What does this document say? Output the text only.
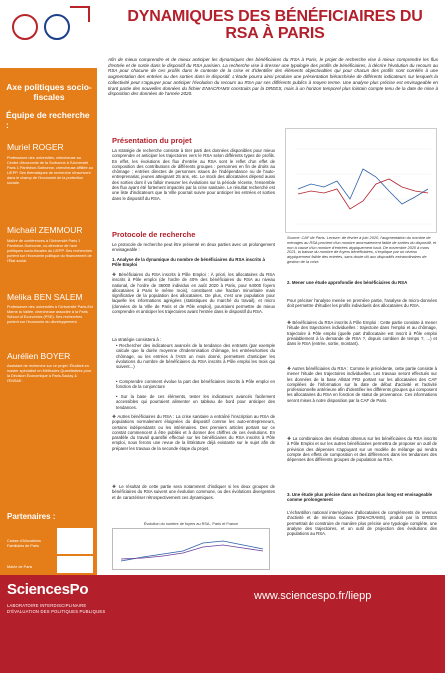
Axe politiques socio-fiscales
Équipe de recherche :
Muriel ROGER
Professeure des universités, chercheuse au Centre d'économie de la Sorbonne à l'Université Paris 1 Panthéon-Sorbonne, chercheuse affiliée au LIEPP. Ses thématiques de recherche s'inscrivent dans le champ de l'économie de la protection sociale.
Michaël ZEMMOUR
Maître de conférences à l'Université Paris 1 Panthéon-Sorbonne, co-directeur de l'axe politiques socio-fiscales du LIEPP. Ses recherches portent sur l'économie politique du financement de l'État social.
Melika BEN SALEM
Professeure des universités à l'Université Paris-Est Marne la Vallée, chercheuse associée à la Paris School of Economics (PSE). Ses recherches portent sur l'économie du développement.
Aurélien BOYER
Assistant de recherche sur ce projet. Étudiant en master spécialisé en Méthodes Quantitatives pour la Décision Économique à Paris-Saclay & l'ENSAE.
Partenaires :
Caisse d'Allocations Familiales de Paris
Mairie de Paris
DYNAMIQUES DES BÉNÉFICIAIRES DU RSA À PARIS
Afin de mieux comprendre et de mieux anticiper les dynamiques des bénéficiaires du RSA à Paris, le projet de recherche vise à mieux comprendre les flux d'entrée et de sortie dans le dispositif du RSA parisien. La recherche vise à dresser une typologie des profils de bénéficiaires, à décrire l'évolution du recours au RSA pour chacune de ces profils dans le contexte de la crise et d'identifier des éléments objectivables qui pour chacun des profils sont corrélés à une augmentation des entrées ou des sorties dans le dispositif. L'étude pourra ainsi produire une présentation hiérarchisée de différents indicateurs sur lesquels la collectivité peut s'appuyer pour anticiper l'évolution du recours au RSA par ses différents publics à moyen terme. Une analyse plus précise est envisageable en tirant partie des nouvelles données du fichier ENIACRAMS construits par la DREES, mais à un horizon temporel plus lointain compte tenu de la date de mise à disposition des données de l'année 2020.
Présentation du projet
La stratégie de recherche consiste à tirer parti des données disponibles pour mieux comprendre et anticiper les trajectoires vers le RSA selon différents types de profils. En effet, les évolutions des flux d'entrée au RSA sont le reflet d'un effet de composition des contributions de différents groupes : personnes en fin de droits au chômage ; entrées directes de personnes issues de l'indépendance ou de l'auto-entreprenariat, jeunes atteignant 25 ans, etc. Le stock des allocataires dépend aussi des sorties dont il va falloir mesurer les évolutions sur la période récente, l'ensemble des flux ayant été fortement impactés par la crise sanitaire. Le résultat recherché est une liste d'indicateurs que la Ville pourrait suivre pour anticiper les entrées et sorties dans le dispositif du RSA.
Protocole de recherche
Le protocole de recherche peut être présenté en deux parties avec un prolongement envisageable :
1. Analyse de la dynamique du nombre de bénéficiaires du RSA inscrits à Pôle Emploi
❖ Bénéficiaires du RSA inscrits à Pôle Emploi : À priori, les allocataires du RSA inscrits à Pôle emploi (de l'ordre de 40% des bénéficiaires du RSA au niveau national, de l'ordre de 36000 individus en août 2020 à Paris, pour 64000 foyers allocataires à Paris le même mois), constituent une fraction minoritaire mais significative de la population des allocataires. De plus, c'est une population pour laquelle les informations agrégées (statistiques du marché du travail), et micro (données de la Ville de Paris et de Pôle emploi), pourraient permettre de mieux comprendre et anticiper les trajectoires avant l'entrée dans le dispositif du RSA.
La stratégie consistera à :
• Rechercher des indicateurs avancés de la tendance des entrants (par exemple calcule que la durée moyenne d'indemnisation chômage, les entrées/sorties du chômage, ou les entrées à l'ASS un mois donné, permettent d'anticiper les évolutions du nombre de bénéficiaires du RSA inscrits à Pôle emploi les mois qui suivent...)
• Comprendre comment évolue la part des bénéficiaires inscrits à Pôle emploi en fonction de la conjoncture
• Sur la base de ces éléments, tester les indicateurs avancés facilement accessibles qui pourraient alimenter un tableau de bord pour anticiper des tendances.
❖ Autres bénéficiaires du RSA : La crise sanitaire a entraîné l'inscription au RSA de populations normalement éloignées du dispositif comme les auto-entrepreneurs, certains indépendants ou les intérimaires. Des premiers articles portant sur ce constat commencent à être publiés et à donner des chiffres de ces évolutions. En parallèle du travail quantifié effectué sur les bénéficiaires du RSA inscrits à Pôle emploi, nous ferons une revue de la littérature déjà existante sur le sujet afin de préparer les travaux de la seconde étape du projet.
❖ Le résultat de cette partie sera notamment d'indiquer si les deux groupes de bénéficiaires du RSA suivent une évolution commune, ou des évolutions divergentes et de caractériser rétrospectivement ces dynamiques.
Évolution du nombre de foyers au RSA , Paris et France
Source: CAF de Paris. Lecture: de février à juin 2020, l'augmentation du nombre de ménages au RSA provient d'un nombre anormalement faible de sorties du dispositif, et non à cause d'un nombre d'entrées atypiquement haut. De novembre 2020 à mars 2021, la baisse du nombre de foyers bénéficiaires, s'explique par un niveau atypiquement faible des entrées, sans doute dû aux dispositifs extraordinaires de gestion de la crise.
2. Mener une étude approfondie des bénéficiaires du RSA
Pour préciser l'analyse menée en première partie, l'analyse de micro-données doit permettre d'étudier les profils individuels des allocataires du RSA.
❖ Bénéficiaires du RSA inscrits à Pôle Emploi : Cette partie consiste à mener l'étude des trajectoires individuelles : trajectoire dans l'emploi et au chômage, trajectoire à Pôle emploi (quelle part d'allocataire est inscrit à Pôle emploi préalablement à la demande de RSA ?, depuis combien de temps ?, ...) et dans le RSA (entrée, sortie, montant).
❖ Autres bénéficiaires du RSA : Comme le précédente, cette partie consiste à mener l'étude des trajectoires individuelles. Les travaux seront effectués sur les données de la base Allstat FR2 portant sur les allocataires des CAF compilées de l'information sur la date de début d'activité et l'activité professionnelle antérieure afin d'identifier les différents groupes qui composent les allocataires du RSA en fonction de statut de provenance. Ces informations seront mises à notre disposition par la CAF de Paris.
❖ La combinaison des résultats obtenus sur les bénéficiaires du RSA inscrits à Pôle Emploi et sur les autres bénéficiaires permettra de proposer un outil de prévision des dépenses s'appuyant sur un modèle de mélange qui rendra compte des effets de composition et des différences dans les tendances des dépenses des différents groupes de population au RSA.
3. Une étude plus précise dans un horizon plus long est envisageable comme prolongement
L'échantillon national interrégimes d'allocataires de compléments de revenus d'activité et de minima sociaux (ENIACRAMS), produit par la DREES permettrait de construire de manière plus précise une typologie complète, une analyse des trajectoires, et un outil de projection des évolutions des populations au RSA.
SciencesPo
LABORATOIRE INTERDISCIPLINAIRE
D'ÉVALUATION DES POLITIQUES PUBLIQUES
www.sciencespo.fr/liepp
